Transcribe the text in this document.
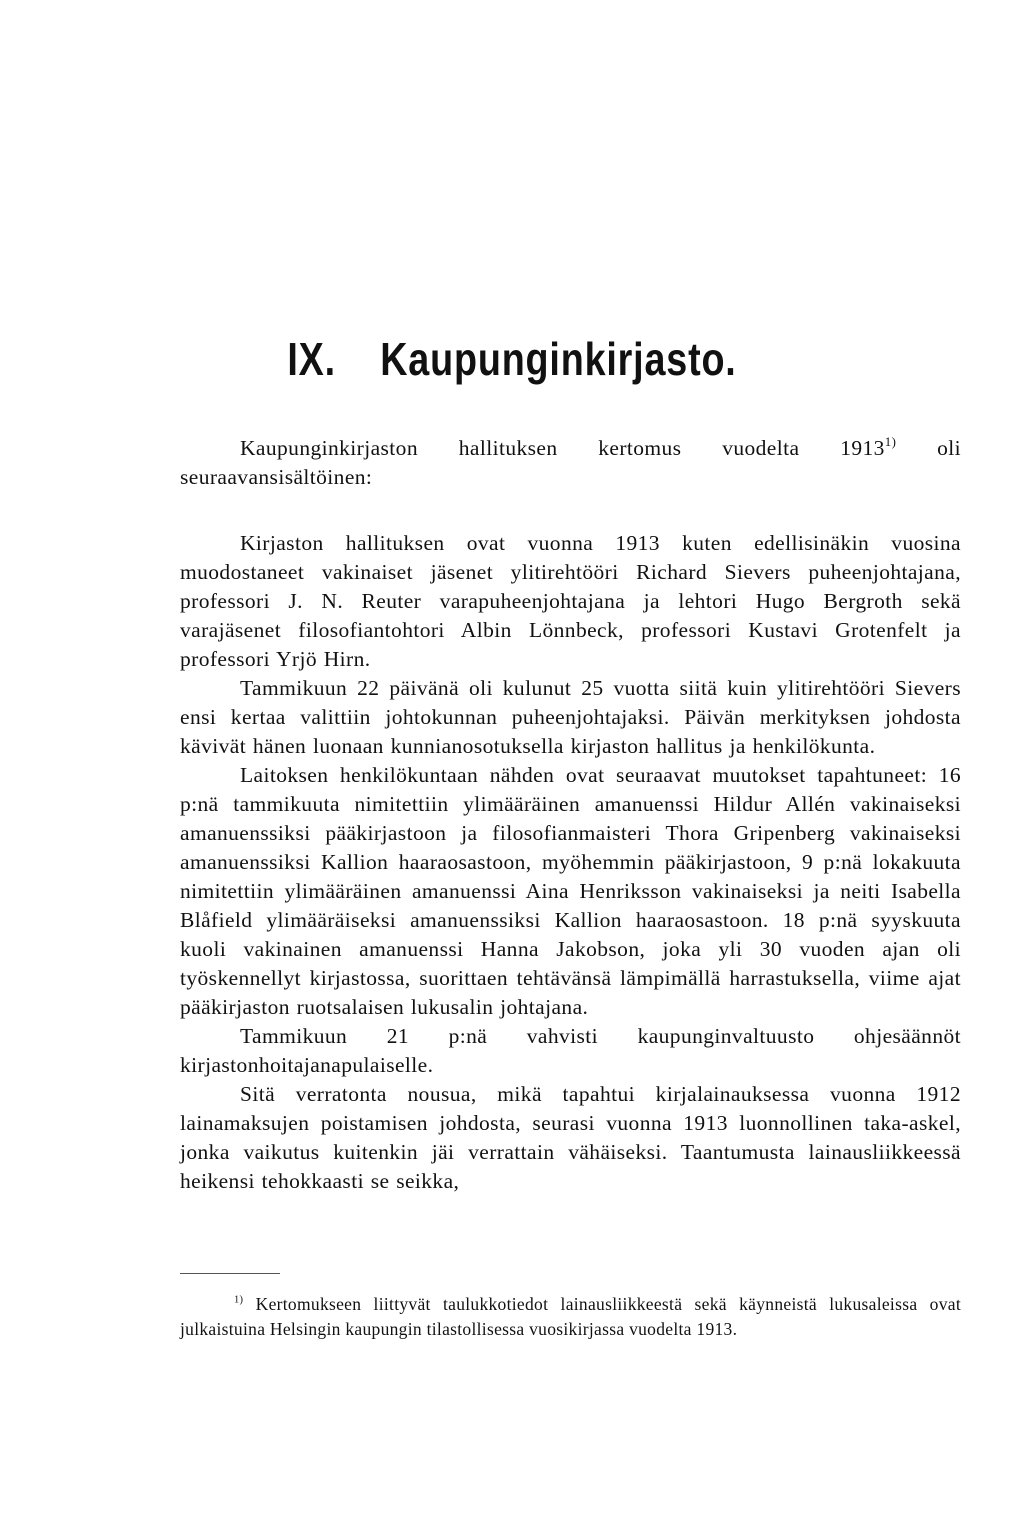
IX. Kaupunginkirjasto.

Kaupunginkirjaston hallituksen kertomus vuodelta 1913$^{1)}$ oli seuraavansisältöinen:

Kirjaston hallituksen ovat vuonna 1913 kuten edellisinäkin vuosina muodostaneet vakinaiset jäsenet ylitirehtööri Richard Sievers puheenjohtajana, professori J. N. Reuter varapuheenjohtajana ja lehtori Hugo Bergroth sekä varajäsenet filosofiantohtori Albin Lönnbeck, professori Kustavi Grotenfelt ja professori Yrjö Hirn.

Tammikuun 22 päivänä oli kulunut 25 vuotta siitä kuin ylitirehtööri Sievers ensi kertaa valittiin johtokunnan puheenjohtajaksi. Päivän merkityksen johdosta kävivät hänen luonaan kunnianosotuksella kirjaston hallitus ja henkilökunta.

Laitoksen henkilökuntaan nähden ovat seuraavat muutokset tapahtuneet: 16 p:nä tammikuuta nimitettiin ylimääräinen amanuenssi Hildur Allén vakinaiseksi amanuenssiksi pääkirjastoon ja filosofianmaisteri Thora Gripenberg vakinaiseksi amanuenssiksi Kallion haaraosastoon, myöhemmin pääkirjastoon, 9 p:nä lokakuuta nimitettiin ylimääräinen amanuenssi Aina Henriksson vakinaiseksi ja neiti Isabella Blåfield ylimääräiseksi amanuenssiksi Kallion haaraosastoon. 18 p:nä syyskuuta kuoli vakinainen amanuenssi Hanna Jakobson, joka yli 30 vuoden ajan oli työskennellyt kirjastossa, suorittaen tehtävänsä lämpimällä harrastuksella, viime ajat pääkirjaston ruotsalaisen lukusalin johtajana.

Tammikuun 21 p:nä vahvisti kaupunginvaltuusto ohjesäännöt kirjastonhoitajanapulaiselle.

Sitä verratonta nousua, mikä tapahtui kirjalainauksessa vuonna 1912 lainamaksujen poistamisen johdosta, seurasi vuonna 1913 luonnollinen taka-askel, jonka vaikutus kuitenkin jäi verrattain vähäiseksi. Taantumusta lainausliikkeessä heikensi tehokkaasti se seikka,

$^{1)}$ Kertomukseen liittyvät taulukkotiedot lainausliikkeestä sekä käynneistä lukusaleissa ovat julkaistuina Helsingin kaupungin tilastollisessa vuosikirjassa vuodelta 1913.
